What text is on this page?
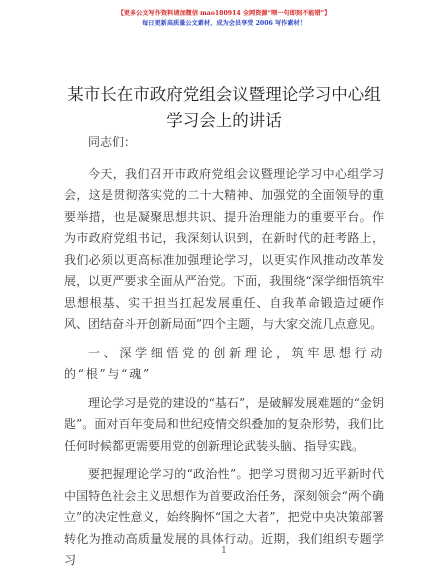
【更多公文写作资料请加微信 mao180914 全网资源“喂一句即刻不能错”】
每日更新高质量公文素材，成为会员享受 2006 写作素材！
某市长在市政府党组会议暨理论学习中心组学习会上的讲话

同志们：

今天，我们召开市政府党组会议暨理论学习中心组学习会，这是贯彻落实党的二十大精神、加强党的全面领导的重要举措，也是凝聚思想共识、提升治理能力的重要平台。作为市政府党组书记，我深刻认识到，在新时代的赶考路上，我们必须以更高标准加强理论学习，以更实作风推动改革发展，以更严要求全面从严治党。下面，我围绕“深学细悟筑牢思想根基、实干担当扛起发展重任、自我革命锻造过硬作风、团结奋斗开创新局面”四个主题，与大家交流几点意见。

一、深学细悟党的创新理论，筑牢思想行动的“根”与“魂”

理论学习是党的建设的“基石”，是破解发展难题的“金钥匙”。面对百年变局和世纪疫情交织叠加的复杂形势，我们比任何时候都更需要用党的创新理论武装头脑、指导实践。

要把握理论学习的“政治性”。把学习贯彻习近平新时代中国特色社会主义思想作为首要政治任务，深刻领会“两个确立”的决定性意义，始终胸怀“国之大者”，把党中央决策部署转化为推动高质量发展的具体行动。近期，我们组织专题学习

1
